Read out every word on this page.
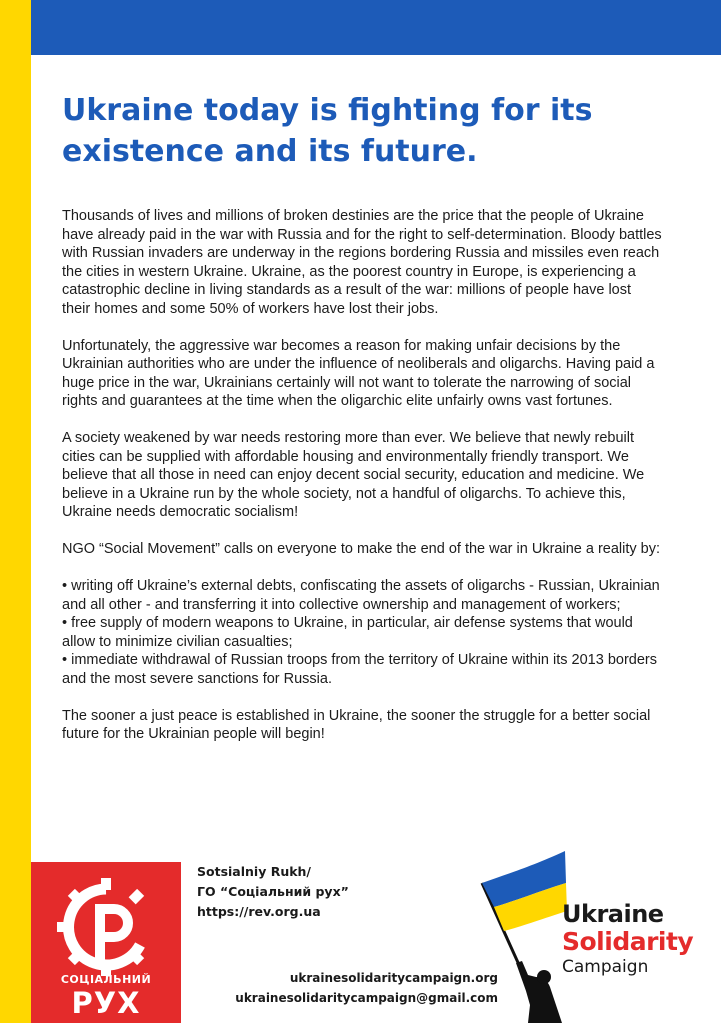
Ukraine today is fighting for its existence and its future.

Thousands of lives and millions of broken destinies are the price that the people of Ukraine have already paid in the war with Russia and for the right to self-determination. Bloody battles with Russian invaders are underway in the regions bordering Russia and missiles even reach the cities in western Ukraine. Ukraine, as the poorest country in Europe, is experiencing a catastrophic decline in living standards as a result of the war: millions of people have lost their homes and some 50% of workers have lost their jobs.

Unfortunately, the aggressive war becomes a reason for making unfair decisions by the Ukrainian authorities who are under the influence of neoliberals and oligarchs. Having paid a huge price in the war, Ukrainians certainly will not want to tolerate the narrowing of social rights and guarantees at the time when the oligarchic elite unfairly owns vast fortunes.

A society weakened by war needs restoring more than ever. We believe that newly rebuilt cities can be supplied with affordable housing and environmentally friendly transport. We believe that all those in need can enjoy decent social security, education and medicine. We believe in a Ukraine run by the whole society, not a handful of oligarchs. To achieve this, Ukraine needs democratic socialism!

NGO “Social Movement” calls on everyone to make the end of the war in Ukraine a reality by:

• writing off Ukraine’s external debts, confiscating the assets of oligarchs - Russian, Ukrainian and all other - and transferring it into collective ownership and management of workers;

• free supply of modern weapons to Ukraine, in particular, air defense systems that would allow to minimize civilian casualties;

• immediate withdrawal of Russian troops from the territory of Ukraine within its 2013 borders and the most severe sanctions for Russia.

The sooner a just peace is established in Ukraine, the sooner the struggle for a better social future for the Ukrainian people will begin!

СОЦІАЛЬНИЙ
РУХ
Sotsialniy Rukh/
ГО “Соціальний рух”
https://rev.org.ua
ukrainesolidaritycampaign.org
ukrainesolidaritycampaign@gmail.com
Ukraine
Solidarity
Campaign
